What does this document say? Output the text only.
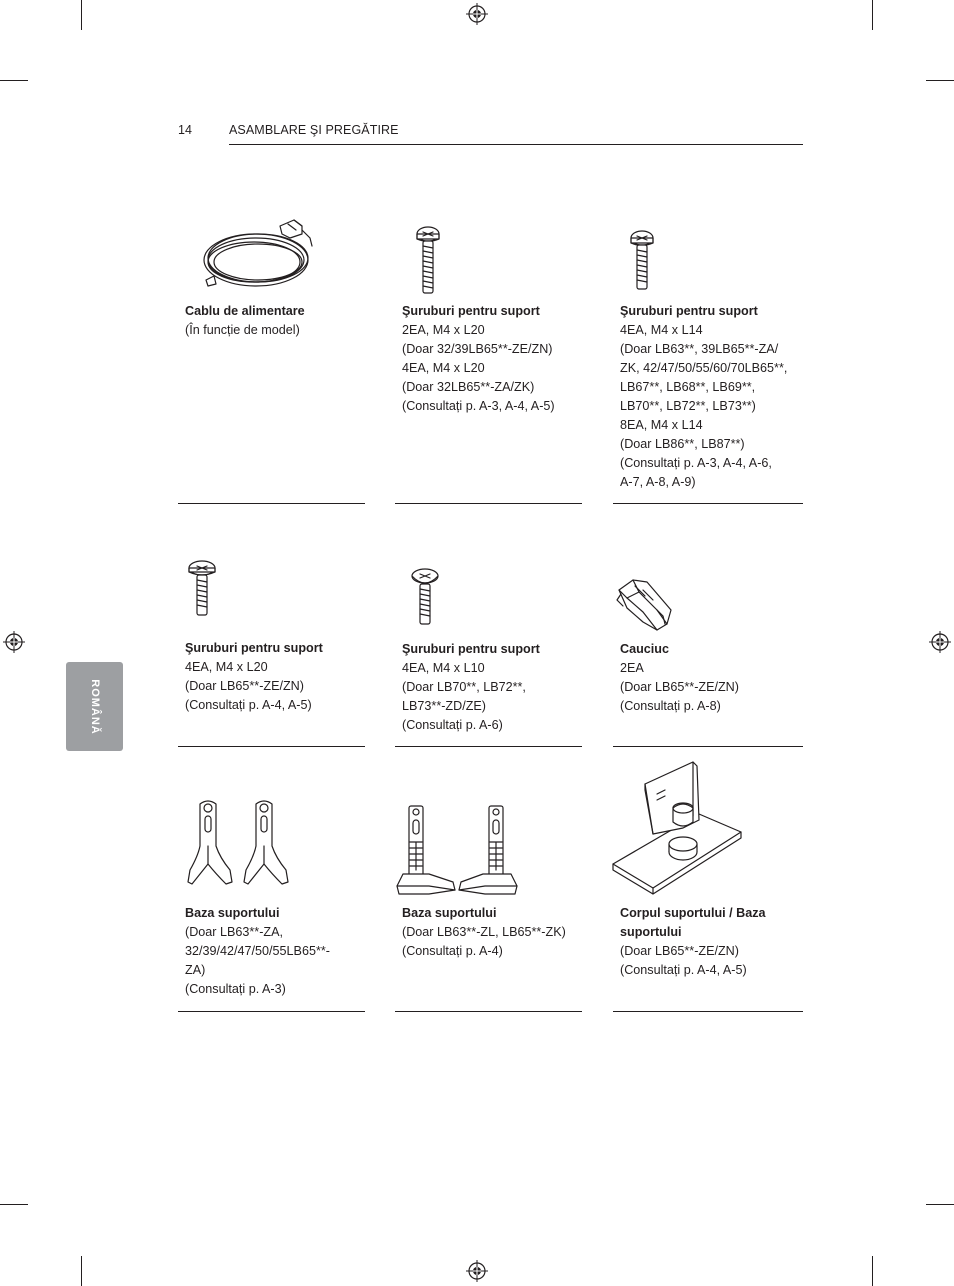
14	ASAMBLARE ŞI PREGĂTIRE
ROMÂNĂ
Cablu de alimentare
(În funcție de model)
Şuruburi pentru suport
2EA, M4 x L20
(Doar 32/39LB65**-ZE/ZN)
4EA, M4 x L20
(Doar 32LB65**-ZA/ZK)
(Consultați p. A-3, A-4, A-5)
Şuruburi pentru suport
4EA, M4 x L14
(Doar LB63**, 39LB65**-ZA/
ZK, 42/47/50/55/60/70LB65**,
LB67**, LB68**, LB69**,
LB70**, LB72**, LB73**)
8EA, M4 x L14
(Doar LB86**, LB87**)
(Consultați p. A-3, A-4, A-6,
A-7, A-8, A-9)
Şuruburi pentru suport
4EA, M4 x L20
(Doar LB65**-ZE/ZN)
(Consultați p. A-4, A-5)
Şuruburi pentru suport
4EA, M4 x L10
(Doar LB70**, LB72**,
LB73**-ZD/ZE)
(Consultați p. A-6)
Cauciuc
2EA
(Doar LB65**-ZE/ZN)
(Consultați p. A-8)
Baza suportului
(Doar LB63**-ZA,
32/39/42/47/50/55LB65**-
ZA)
(Consultați p. A-3)
Baza suportului
(Doar LB63**-ZL, LB65**-ZK)
(Consultați p. A-4)
Corpul suportului / Baza
suportului
(Doar LB65**-ZE/ZN)
(Consultați p. A-4, A-5)
